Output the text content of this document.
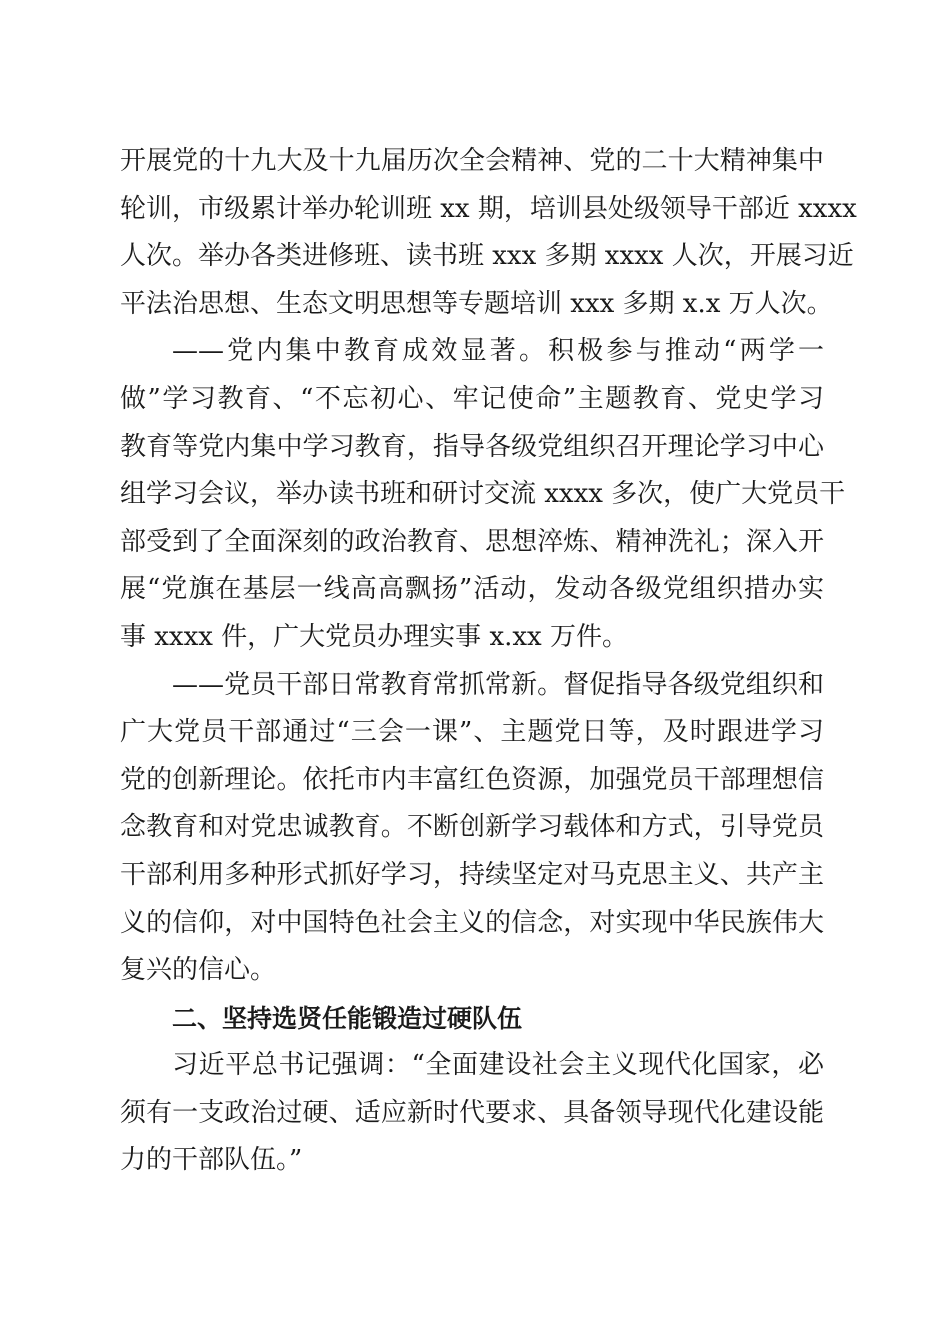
开展党的十九大及十九届历次全会精神、党的二十大精神集中
轮训，市级累计举办轮训班 xx 期，培训县处级领导干部近 xxxx
人次。举办各类进修班、读书班 xxx 多期 xxxx 人次，开展习近
平法治思想、生态文明思想等专题培训 xxx 多期 x.x 万人次。
——党内集中教育成效显著。积极参与推动“两学一
做”学习教育、“不忘初心、牢记使命”主题教育、党史学习
教育等党内集中学习教育，指导各级党组织召开理论学习中心
组学习会议，举办读书班和研讨交流 xxxx 多次，使广大党员干
部受到了全面深刻的政治教育、思想淬炼、精神洗礼；深入开
展“党旗在基层一线高高飘扬”活动，发动各级党组织措办实
事 xxxx 件，广大党员办理实事 x.xx 万件。
——党员干部日常教育常抓常新。督促指导各级党组织和
广大党员干部通过“三会一课”、主题党日等，及时跟进学习
党的创新理论。依托市内丰富红色资源，加强党员干部理想信
念教育和对党忠诚教育。不断创新学习载体和方式，引导党员
干部利用多种形式抓好学习，持续坚定对马克思主义、共产主
义的信仰，对中国特色社会主义的信念，对实现中华民族伟大
复兴的信心。
二、坚持选贤任能锻造过硬队伍
习近平总书记强调：“全面建设社会主义现代化国家，必
须有一支政治过硬、适应新时代要求、具备领导现代化建设能
力的干部队伍。”
